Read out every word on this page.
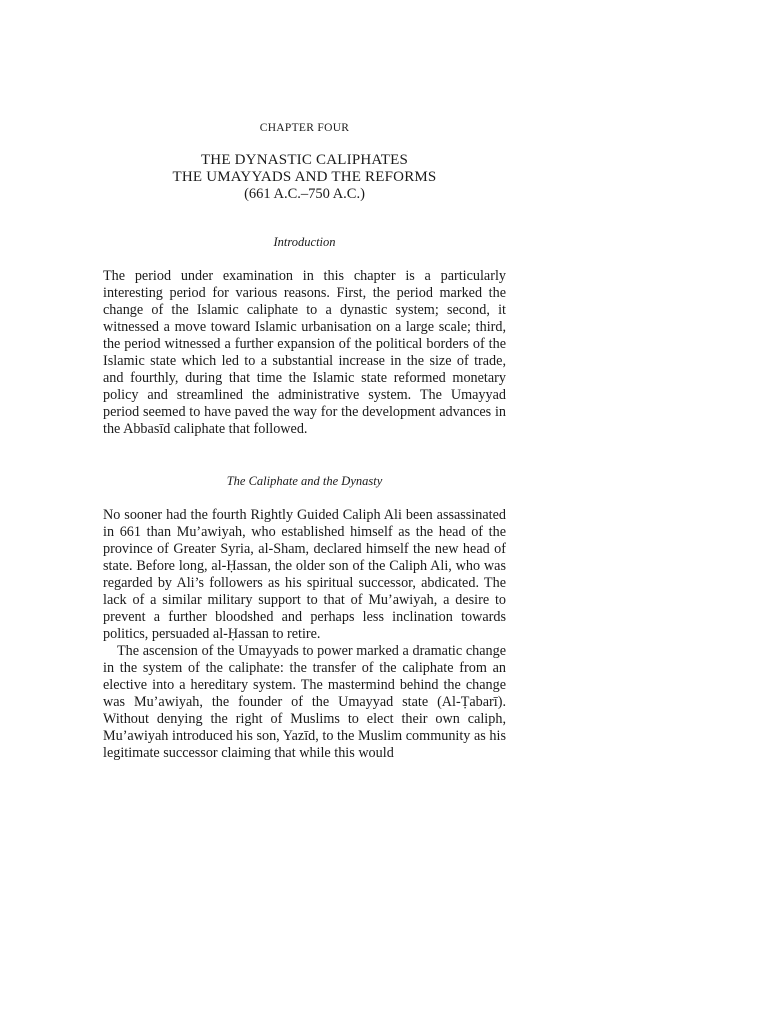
CHAPTER FOUR
THE DYNASTIC CALIPHATES
THE UMAYYADS AND THE REFORMS
(661 A.C.–750 A.C.)
Introduction

The period under examination in this chapter is a particularly interesting period for various reasons. First, the period marked the change of the Islamic caliphate to a dynastic system; second, it witnessed a move toward Islamic urbanisation on a large scale; third, the period witnessed a further expansion of the political borders of the Islamic state which led to a substantial increase in the size of trade, and fourthly, during that time the Islamic state reformed monetary policy and streamlined the administrative system. The Umayyad period seemed to have paved the way for the development advances in the Abbasīd caliphate that followed.

The Caliphate and the Dynasty

No sooner had the fourth Rightly Guided Caliph Ali been assassinated in 661 than Mu’awiyah, who established himself as the head of the province of Greater Syria, al-Sham, declared himself the new head of state. Before long, al-Ḥassan, the older son of the Caliph Ali, who was regarded by Ali’s followers as his spiritual successor, abdicated. The lack of a similar military support to that of Mu’awiyah, a desire to prevent a further bloodshed and perhaps less inclination towards politics, persuaded al-Ḥassan to retire.

The ascension of the Umayyads to power marked a dramatic change in the system of the caliphate: the transfer of the caliphate from an elective into a hereditary system. The mastermind behind the change was Mu’awiyah, the founder of the Umayyad state (Al-Ṭabarī). Without denying the right of Muslims to elect their own caliph, Mu’awiyah introduced his son, Yazīd, to the Muslim community as his legitimate successor claiming that while this would
